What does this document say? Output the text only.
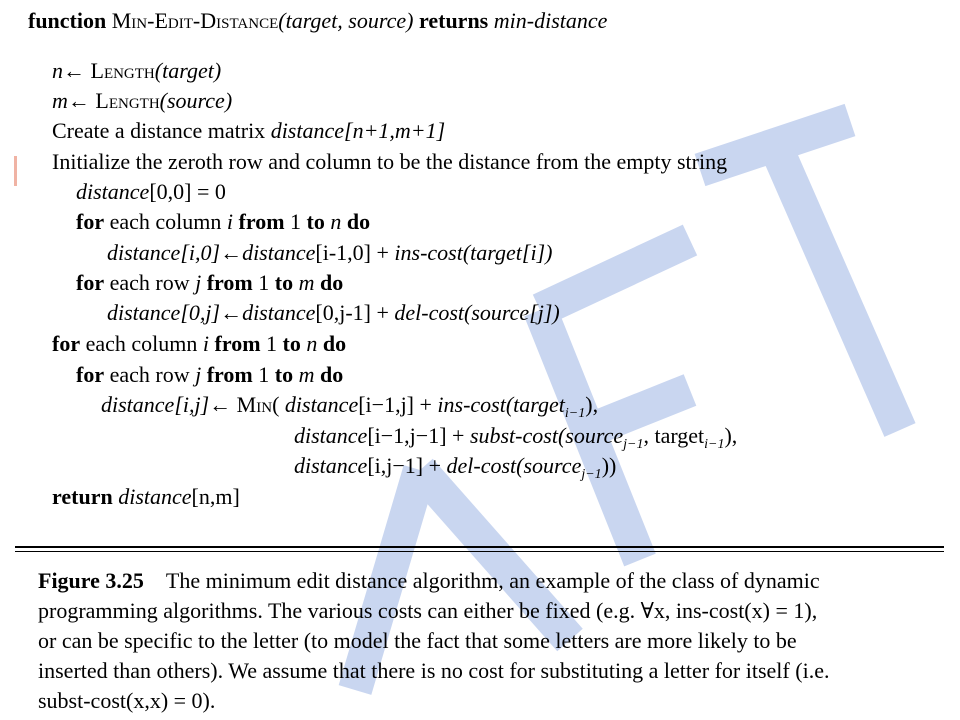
function Min-Edit-Distance(target, source) returns min-distance
n← Length(target)
m← Length(source)
Create a distance matrix distance[n+1,m+1]
Initialize the zeroth row and column to be the distance from the empty string
distance[0,0] = 0
for each column i from 1 to n do
distance[i,0]←distance[i-1,0] + ins-cost(target[i])
for each row j from 1 to m do
distance[0,j]←distance[0,j-1] + del-cost(source[j])
for each column i from 1 to n do
for each row j from 1 to m do
distance[i,j]← Min( distance[i−1,j] + ins-cost(target$_{i-1}$),
distance[i−1,j−1] + subst-cost(source$_{j-1}$, target$_{i-1}$),
distance[i,j−1] + del-cost(source$_{j-1}$))
return distance[n,m]
Figure 3.25 The minimum edit distance algorithm, an example of the class of dynamic
programming algorithms. The various costs can either be fixed (e.g. ∀x, ins-cost(x) = 1),
or can be specific to the letter (to model the fact that some letters are more likely to be
inserted than others). We assume that there is no cost for substituting a letter for itself (i.e.
subst-cost(x,x) = 0).
